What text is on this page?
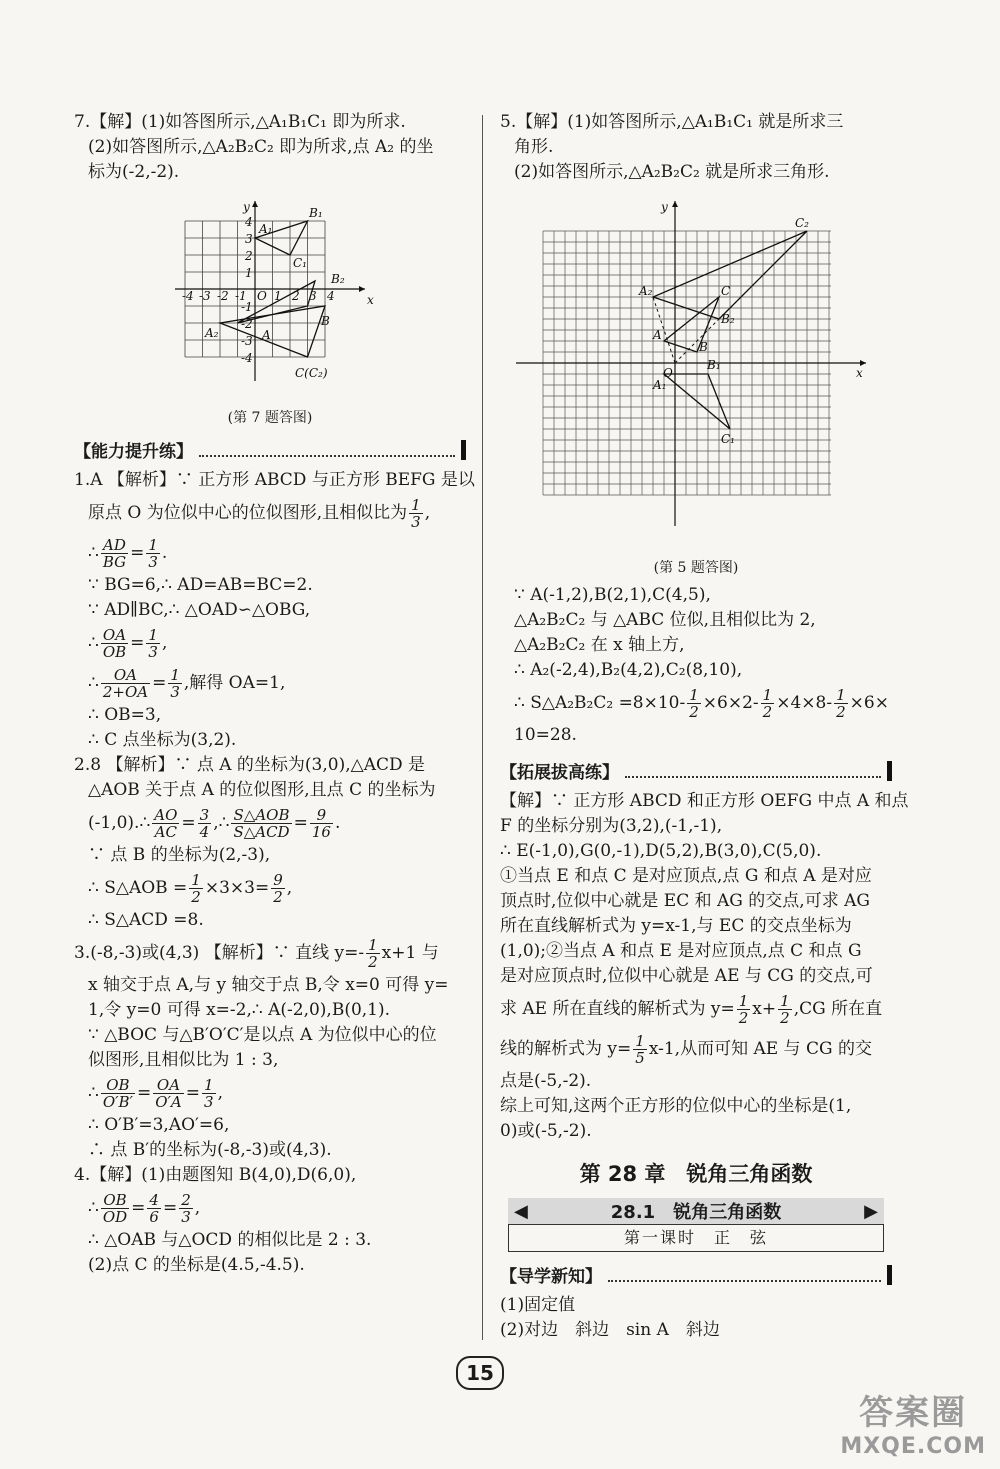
7.【解】(1)如答图所示,△A₁B₁C₁ 即为所求.
(2)如答图所示,△A₂B₂C₂ 即为所求,点 A₂ 的坐
标为(-2,-2).
x
y
-4 -3 -2 -1 O 1 2 3 4
4
3
2
1
-1
-2
-3
-4
A₁
B₁
C₁
B₂
A
B
A₂
C(C₂)
(第 7 题答图)
【能力提升练】
1.A 【解析】∵ 正方形 ABCD 与正方形 BEFG 是以
原点 O 为位似中心的位似图形,且相似比为 $\frac{1}{3}$ ,
∴ $\frac{AD}{BG} = \frac{1}{3}$ .
∵ BG=6,∴ AD=AB=BC=2.
∵ AD∥BC,∴ △OAD∽△OBG,
∴ $\frac{OA}{OB} = \frac{1}{3}$ ,
∴ $\frac{OA}{2+OA} = \frac{1}{3}$ ,解得 OA=1,
∴ OB=3,
∴ C 点坐标为(3,2).
2.8 【解析】∵ 点 A 的坐标为(3,0),△ACD 是
△AOB 关于点 A 的位似图形,且点 C 的坐标为
(-1,0).∴ $\frac{AO}{AC} = \frac{3}{4}$ ,∴ $\frac{\text{S△AOB}}{\text{S△ACD}} = \frac{9}{16}$ .
∵ 点 B 的坐标为(2,-3),
∴ S△AOB = $\frac{1}{2} \times 3\times 3= \frac{9}{2}$ ,
∴ S△ACD =8.
3.(-8,-3)或(4,3) 【解析】∵ 直线 $y=- \frac{1}{2} x+1$ 与
x 轴交于点 A,与 y 轴交于点 B,令 x=0 可得 y=
1,令 y=0 可得 x=-2,∴ A(-2,0),B(0,1).
∵ △BOC 与△B′O′C′是以点 A 为位似中心的位
似图形,且相似比为 1 : 3,
∴ $\frac{OB}{O'B'} = \frac{OA}{O'A} = \frac{1}{3}$ ,
∴ O′B′=3,AO′=6,
∴ 点 B′的坐标为(-8,-3)或(4,3).
4.【解】(1)由题图知 B(4,0),D(6,0),
∴ $\frac{OB}{OD} = \frac{4}{6} = \frac{2}{3}$ ,
∴ △OAB 与△OCD 的相似比是 2 : 3.
(2)点 C 的坐标是(4.5,-4.5).
5.【解】(1)如答图所示,△A₁B₁C₁ 就是所求三
角形.
(2)如答图所示,△A₂B₂C₂ 就是所求三角形.
x
y
C₂
A₂	C
A
B₂
B
O
A₁
B₁
C₁
(第 5 题答图)
∵ A(-1,2),B(2,1),C(4,5),
△A₂B₂C₂ 与 △ABC 位似,且相似比为 2,
△A₂B₂C₂ 在 x 轴上方,
∴ A₂(-2,4),B₂(4,2),C₂(8,10),
∴ S△A₂B₂C₂ $=8\times 10- \frac{1}{2} \times 6\times 2- \frac{1}{2} \times 4\times 8- \frac{1}{2} \times 6\times$
10=28.
【拓展拔高练】
【解】∵ 正方形 ABCD 和正方形 OEFG 中点 A 和点
F 的坐标分别为(3,2),(-1,-1),
∴ E(-1,0),G(0,-1),D(5,2),B(3,0),C(5,0).
①当点 E 和点 C 是对应顶点,点 G 和点 A 是对应
顶点时,位似中心就是 EC 和 AG 的交点,可求 AG
所在直线解析式为 y=x-1,与 EC 的交点坐标为
(1,0);②当点 A 和点 E 是对应顶点,点 C 和点 G
是对应顶点时,位似中心就是 AE 与 CG 的交点,可
求 AE 所在直线的解析式为 $y= \frac{1}{2} x+ \frac{1}{2} ,CG$ 所在直
线的解析式为 $y= \frac{1}{5} x-1$,从而可知 AE 与 CG 的交
点是(-5,-2).
综上可知,这两个正方形的位似中心的坐标是(1,
0)或(-5,-2).
第 28 章　锐角三角函数
◀	28.1　锐角三角函数	▶
第一课时　正　弦
【导学新知】
(1)固定值
(2)对边　斜边　sin A　斜边
15
答案圈
MXQE.COM
